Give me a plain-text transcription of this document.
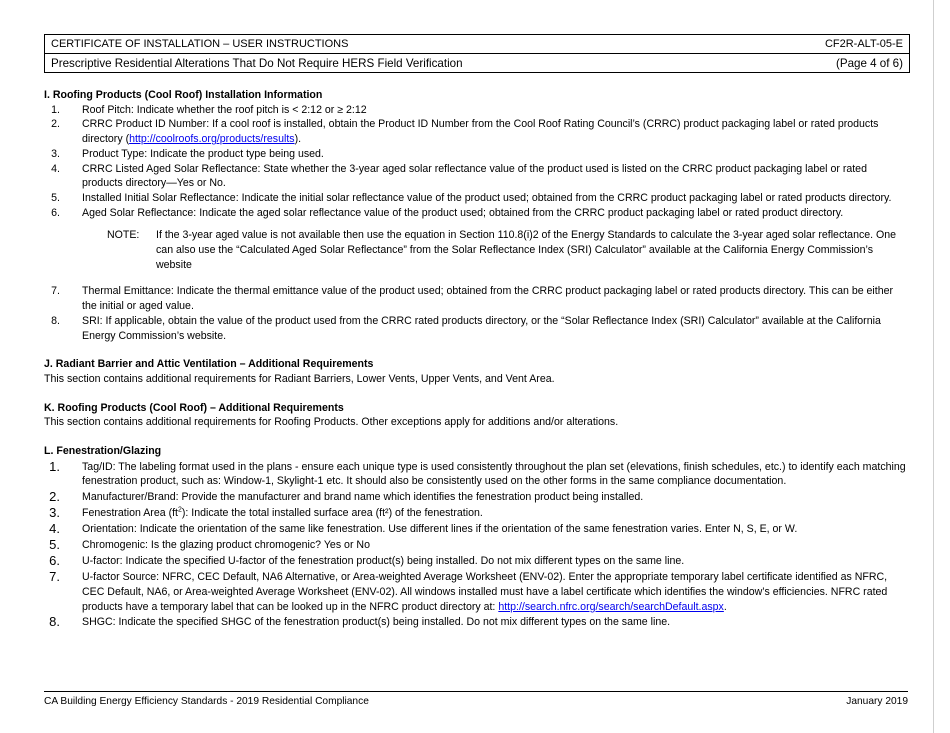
CERTIFICATE OF INSTALLATION – USER INSTRUCTIONS	CF2R-ALT-05-E
Prescriptive Residential Alterations That Do Not Require HERS Field Verification	(Page 4 of 6)

I. Roofing Products (Cool Roof) Installation Information

1.	Roof Pitch: Indicate whether the roof pitch is < 2:12 or ≥ 2:12
2.	CRRC Product ID Number: If a cool roof is installed, obtain the Product ID Number from the Cool Roof Rating Council’s (CRRC) product packaging label or rated products directory (http://coolroofs.org/products/results).
3.	Product Type: Indicate the product type being used.
4.	CRRC Listed Aged Solar Reflectance: State whether the 3-year aged solar reflectance value of the product used is listed on the CRRC product packaging label or rated products directory—Yes or No.
5.	Installed Initial Solar Reflectance: Indicate the initial solar reflectance value of the product used; obtained from the CRRC product packaging label or rated products directory.
6.	Aged Solar Reflectance: Indicate the aged solar reflectance value of the product used; obtained from the CRRC product packaging label or rated product directory.
NOTE:	If the 3-year aged value is not available then use the equation in Section 110.8(i)2 of the Energy Standards to calculate the 3-year aged solar reflectance. One can also use the “Calculated Aged Solar Reflectance” from the Solar Reflectance Index (SRI) Calculator” available at the California Energy Commission’s website
7.	Thermal Emittance: Indicate the thermal emittance value of the product used; obtained from the CRRC product packaging label or rated products directory. This can be either the initial or aged value.
8.	SRI: If applicable, obtain the value of the product used from the CRRC rated products directory, or the “Solar Reflectance Index (SRI) Calculator” available at the California Energy Commission’s website.

J. Radiant Barrier and Attic Ventilation – Additional Requirements

This section contains additional requirements for Radiant Barriers, Lower Vents, Upper Vents, and Vent Area.

K. Roofing Products (Cool Roof) – Additional Requirements

This section contains additional requirements for Roofing Products. Other exceptions apply for additions and/or alterations.

L. Fenestration/Glazing

1.	Tag/ID: The labeling format used in the plans - ensure each unique type is used consistently throughout the plan set (elevations, finish schedules, etc.) to identify each matching fenestration product, such as: Window-1, Skylight-1 etc. It should also be consistently used on the other forms in the same compliance documentation.
2.	Manufacturer/Brand: Provide the manufacturer and brand name which identifies the fenestration product being installed.
3.	Fenestration Area $(ft^2)$: Indicate the total installed surface area (ft²) of the fenestration.
4.	Orientation: Indicate the orientation of the same like fenestration. Use different lines if the orientation of the same fenestration varies. Enter N, S, E, or W.
5.	Chromogenic: Is the glazing product chromogenic? Yes or No
6.	U-factor: Indicate the specified U-factor of the fenestration product(s) being installed. Do not mix different types on the same line.
7.	U-factor Source: NFRC, CEC Default, NA6 Alternative, or Area-weighted Average Worksheet (ENV-02). Enter the appropriate temporary label certificate identified as NFRC, CEC Default, NA6, or Area-weighted Average Worksheet (ENV-02). All windows installed must have a label certificate which identifies the window’s efficiencies. NFRC rated products have a temporary label that can be looked up in the NFRC product directory at: http://search.nfrc.org/search/searchDefault.aspx.
8.	SHGC: Indicate the specified SHGC of the fenestration product(s) being installed. Do not mix different types on the same line.
CA Building Energy Efficiency Standards - 2019 Residential Compliance	January 2019
